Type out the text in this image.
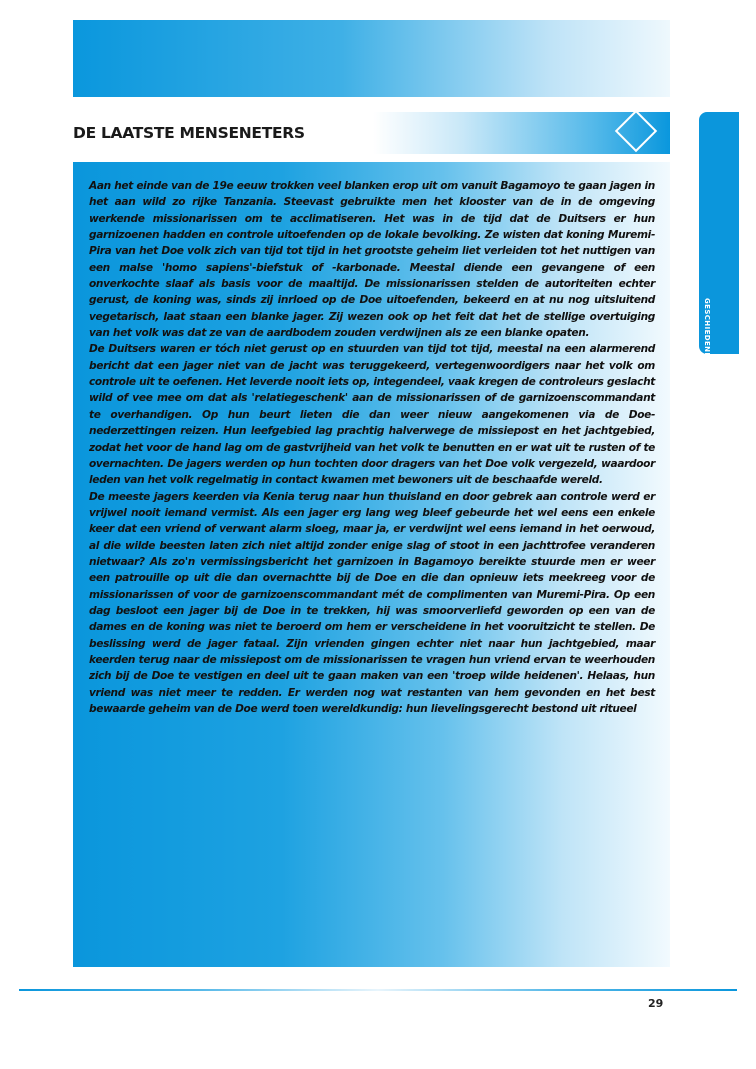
DE LAATSTE MENSENETERS
GESCHIEDENIS

Aan het einde van de 19e eeuw trokken veel blanken erop uit om vanuit Bagamoyo te gaan jagen in het aan wild zo rijke Tanzania. Steevast gebruikte men het klooster van de in de omgeving werkende missionarissen om te acclimatiseren. Het was in de tijd dat de Duitsers er hun garnizoenen hadden en controle uitoefenden op de lokale bevolking. Ze wisten dat koning Muremi-Pira van het Doe volk zich van tijd tot tijd in het grootste geheim liet verleiden tot het nuttigen van een malse 'homo sapiens'-biefstuk of -karbonade. Meestal diende een gevangene of een onverkochte slaaf als basis voor de maaltijd. De missionarissen stelden de autoriteiten echter gerust, de koning was, sinds zij inrloed op de Doe uitoefenden, bekeerd en at nu nog uitsluitend vegetarisch, laat staan een blanke jager. Zij wezen ook op het feit dat het de stellige overtuiging van het volk was dat ze van de aardbodem zouden verdwijnen als ze een blanke opaten.

De Duitsers waren er tóch niet gerust op en stuurden van tijd tot tijd, meestal na een alarmerend bericht dat een jager niet van de jacht was teruggekeerd, vertegenwoordigers naar het volk om controle uit te oefenen. Het leverde nooit iets op, integendeel, vaak kregen de controleurs geslacht wild of vee mee om dat als 'relatiegeschenk' aan de missionarissen of de garnizoenscommandant te overhandigen. Op hun beurt lieten die dan weer nieuw aangekomenen via de Doe-nederzettingen reizen. Hun leefgebied lag prachtig halverwege de missiepost en het jachtgebied, zodat het voor de hand lag om de gastvrijheid van het volk te benutten en er wat uit te rusten of te overnachten. De jagers werden op hun tochten door dragers van het Doe volk vergezeld, waardoor leden van het volk regelmatig in contact kwamen met bewoners uit de beschaafde wereld.

De meeste jagers keerden via Kenia terug naar hun thuisland en door gebrek aan controle werd er vrijwel nooit iemand vermist. Als een jager erg lang weg bleef gebeurde het wel eens een enkele keer dat een vriend of verwant alarm sloeg, maar ja, er verdwijnt wel eens iemand in het oerwoud, al die wilde beesten laten zich niet altijd zonder enige slag of stoot in een jachttrofee veranderen nietwaar? Als zo'n vermissingsbericht het garnizoen in Bagamoyo bereikte stuurde men er weer een patrouille op uit die dan overnachtte bij de Doe en die dan opnieuw iets meekreeg voor de missionarissen of voor de garnizoenscommandant mét de complimenten van Muremi-Pira. Op een dag besloot een jager bij de Doe in te trekken, hij was smoorverliefd geworden op een van de dames en de koning was niet te beroerd om hem er verscheidene in het vooruitzicht te stellen. De beslissing werd de jager fataal. Zijn vrienden gingen echter niet naar hun jachtgebied, maar keerden terug naar de missiepost om de missionarissen te vragen hun vriend ervan te weerhouden zich bij de Doe te vestigen en deel uit te gaan maken van een 'troep wilde heidenen'. Helaas, hun vriend was niet meer te redden. Er werden nog wat restanten van hem gevonden en het best bewaarde geheim van de Doe werd toen wereldkundig: hun lievelingsgerecht bestond uit ritueel

29
